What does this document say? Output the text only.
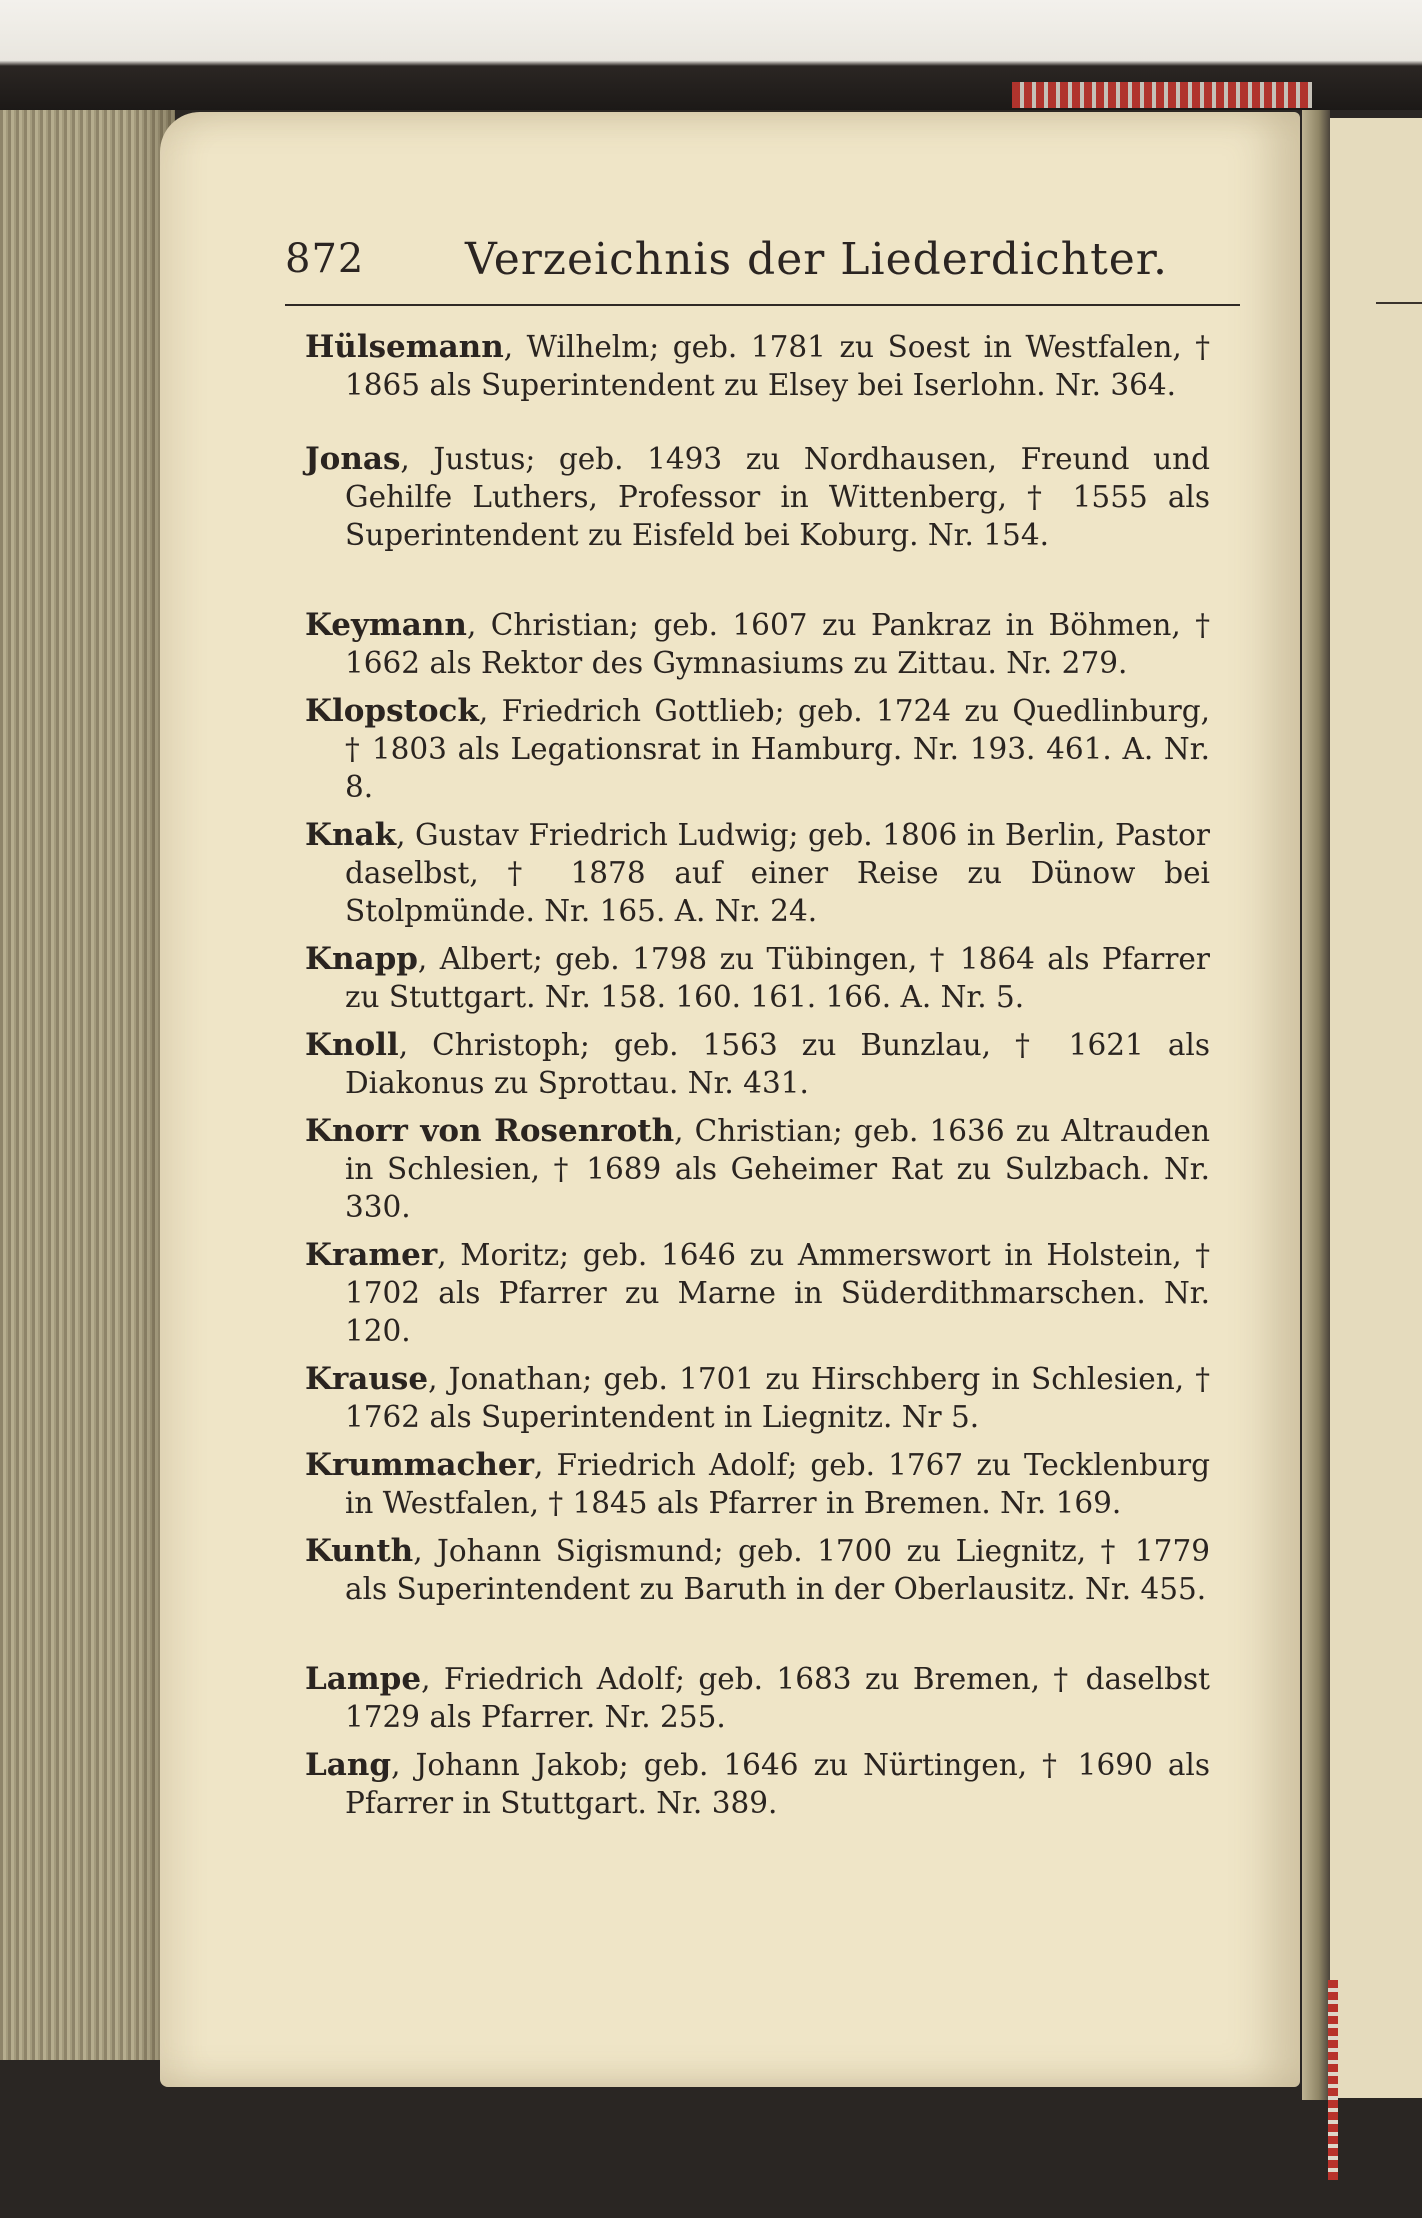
872 Verzeichnis der Liederdichter.

Hülsemann, Wilhelm; geb. 1781 zu Soest in Westfalen, † 1865 als Superintendent zu Elsey bei Iserlohn. Nr. 364.

Jonas, Justus; geb. 1493 zu Nordhausen, Freund und Gehilfe Luthers, Professor in Wittenberg, † 1555 als Superintendent zu Eisfeld bei Koburg. Nr. 154.

Keymann, Christian; geb. 1607 zu Pankraz in Böhmen, † 1662 als Rektor des Gymnasiums zu Zittau. Nr. 279.

Klopstock, Friedrich Gottlieb; geb. 1724 zu Quedlinburg, † 1803 als Legationsrat in Hamburg. Nr. 193. 461. A. Nr. 8.

Knak, Gustav Friedrich Ludwig; geb. 1806 in Berlin, Pastor daselbst, † 1878 auf einer Reise zu Dünow bei Stolpmünde. Nr. 165. A. Nr. 24.

Knapp, Albert; geb. 1798 zu Tübingen, † 1864 als Pfarrer zu Stuttgart. Nr. 158. 160. 161. 166. A. Nr. 5.

Knoll, Christoph; geb. 1563 zu Bunzlau, † 1621 als Diakonus zu Sprottau. Nr. 431.

Knorr von Rosenroth, Christian; geb. 1636 zu Altrauden in Schlesien, † 1689 als Geheimer Rat zu Sulzbach. Nr. 330.

Kramer, Moritz; geb. 1646 zu Ammerswort in Holstein, † 1702 als Pfarrer zu Marne in Süderdithmarschen. Nr. 120.

Krause, Jonathan; geb. 1701 zu Hirschberg in Schlesien, † 1762 als Superintendent in Liegnitz. Nr 5.

Krummacher, Friedrich Adolf; geb. 1767 zu Tecklenburg in Westfalen, † 1845 als Pfarrer in Bremen. Nr. 169.

Kunth, Johann Sigismund; geb. 1700 zu Liegnitz, † 1779 als Superintendent zu Baruth in der Oberlausitz. Nr. 455.

Lampe, Friedrich Adolf; geb. 1683 zu Bremen, † daselbst 1729 als Pfarrer. Nr. 255.

Lang, Johann Jakob; geb. 1646 zu Nürtingen, † 1690 als Pfarrer in Stuttgart. Nr. 389.
